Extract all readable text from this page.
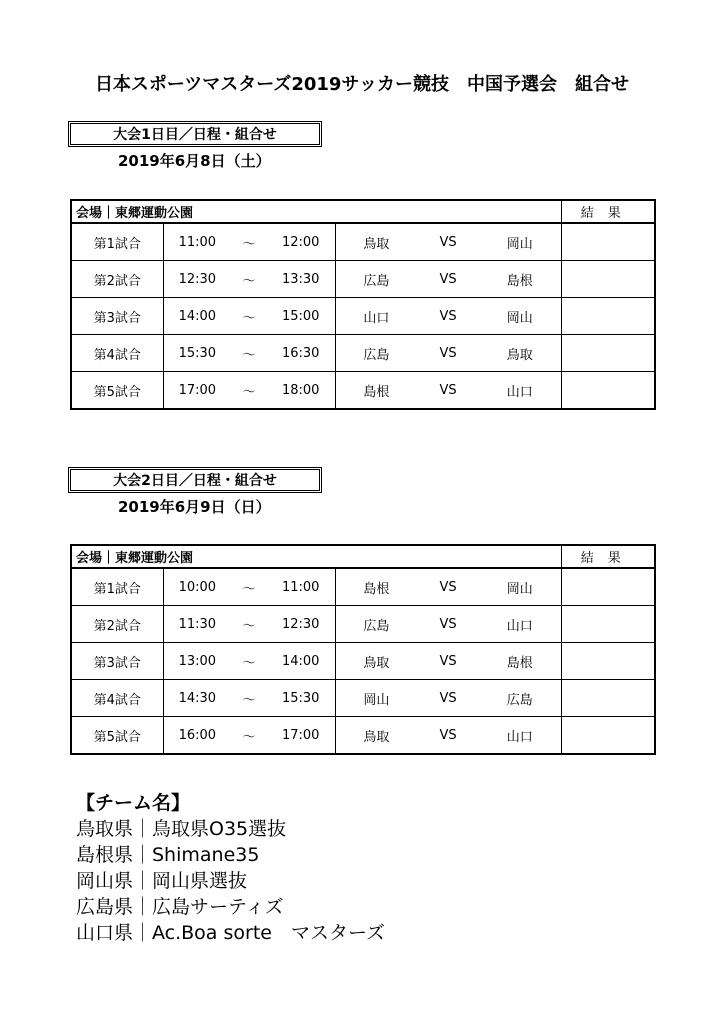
日本スポーツマスターズ2019サッカー競技　中国予選会　組合せ
大会1日目／日程・組合せ
2019年6月8日（土）
会場｜東郷運動公園			結果
第1試合	11:00 ～ 12:00	鳥取 VS 岡山	

第2試合	12:30 ～ 13:30	広島 VS 島根	

第3試合	14:00 ～ 15:00	山口 VS 岡山	

第4試合	15:30 ～ 16:30	広島 VS 鳥取	

第5試合	17:00 ～ 18:00	島根 VS 山口	

大会2日目／日程・組合せ
2019年6月9日（日）
会場｜東郷運動公園			結果
第1試合	10:00 ～ 11:00	島根 VS 岡山	

第2試合	11:30 ～ 12:30	広島 VS 山口	

第3試合	13:00 ～ 14:00	鳥取 VS 島根	

第4試合	14:30 ～ 15:30	岡山 VS 広島	

第5試合	16:00 ～ 17:00	鳥取 VS 山口	

【チーム名】
鳥取県｜鳥取県O35選抜
島根県｜Shimane35
岡山県｜岡山県選抜
広島県｜広島サーティズ
山口県｜Ac.Boa sorte　マスターズ
